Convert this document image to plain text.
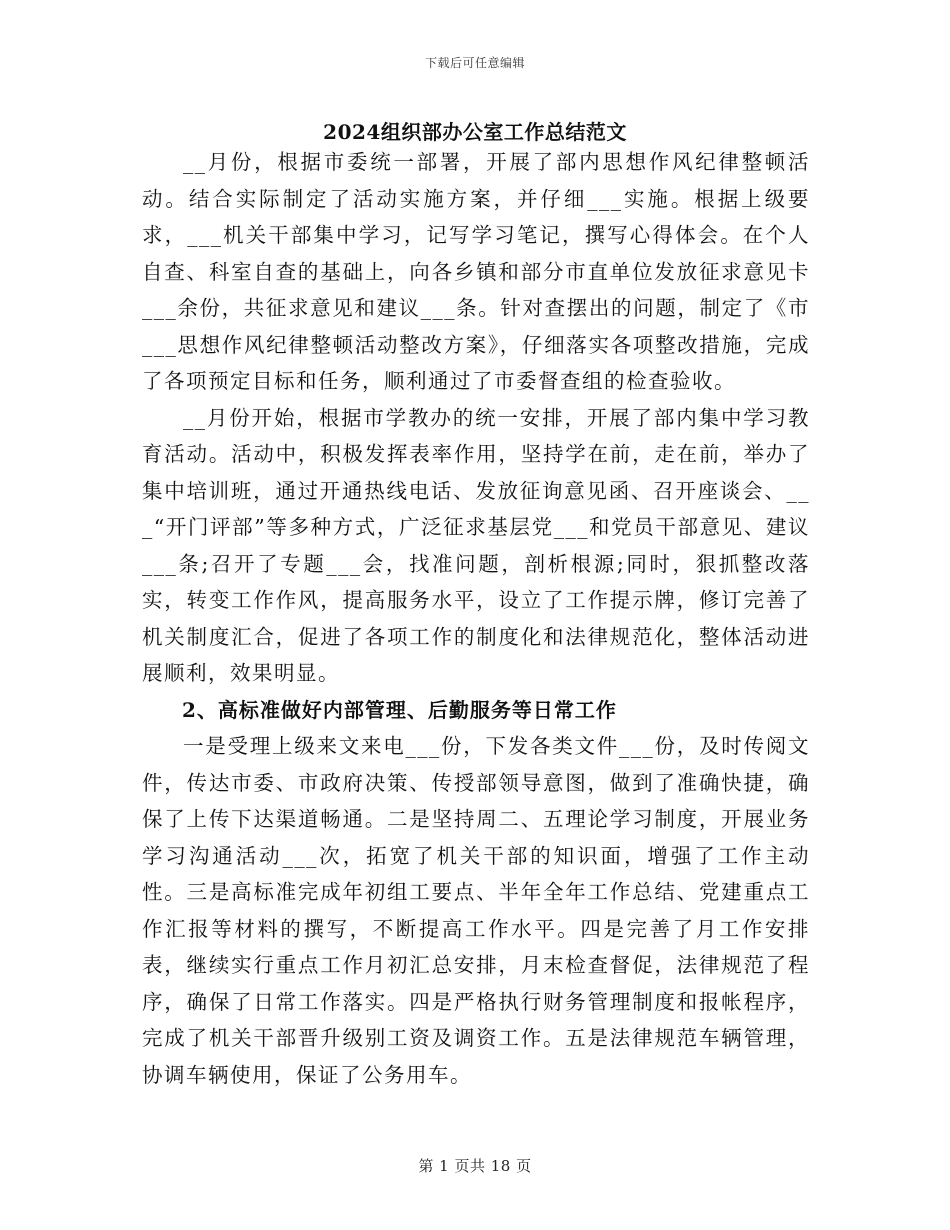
下载后可任意编辑
2024组织部办公室工作总结范文

__月份，根据市委统一部署，开展了部内思想作风纪律整顿活动。结合实际制定了活动实施方案，并仔细___实施。根据上级要求，___机关干部集中学习，记写学习笔记，撰写心得体会。在个人自查、科室自查的基础上，向各乡镇和部分市直单位发放征求意见卡___余份，共征求意见和建议___条。针对查摆出的问题，制定了《市___思想作风纪律整顿活动整改方案》，仔细落实各项整改措施，完成了各项预定目标和任务，顺利通过了市委督查组的检查验收。

__月份开始，根据市学教办的统一安排，开展了部内集中学习教育活动。活动中，积极发挥表率作用，坚持学在前，走在前，举办了集中培训班，通过开通热线电话、发放征询意见函、召开座谈会、___“开门评部”等多种方式，广泛征求基层党___和党员干部意见、建议___条;召开了专题___会，找准问题，剖析根源;同时，狠抓整改落实，转变工作作风，提高服务水平，设立了工作提示牌，修订完善了机关制度汇合，促进了各项工作的制度化和法律规范化，整体活动进展顺利，效果明显。

2、高标准做好内部管理、后勤服务等日常工作

一是受理上级来文来电___份，下发各类文件___份，及时传阅文件，传达市委、市政府决策、传授部领导意图，做到了准确快捷，确保了上传下达渠道畅通。二是坚持周二、五理论学习制度，开展业务学习沟通活动___次，拓宽了机关干部的知识面，增强了工作主动性。三是高标准完成年初组工要点、半年全年工作总结、党建重点工作汇报等材料的撰写，不断提高工作水平。四是完善了月工作安排表，继续实行重点工作月初汇总安排，月末检查督促，法律规范了程序，确保了日常工作落实。四是严格执行财务管理制度和报帐程序，完成了机关干部晋升级别工资及调资工作。五是法律规范车辆管理，协调车辆使用，保证了公务用车。

第 1 页共 18 页
